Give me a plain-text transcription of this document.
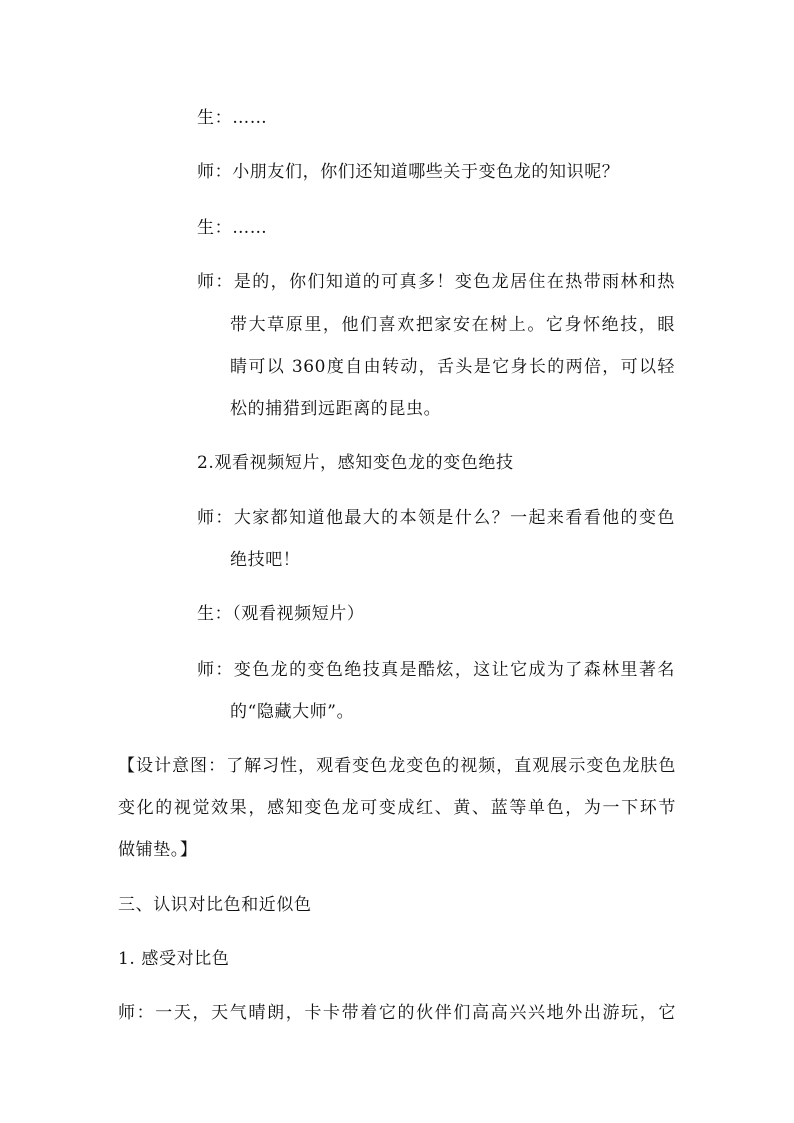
生：……
师：小朋友们，你们还知道哪些关于变色龙的知识呢？
生：……
师：是的，你们知道的可真多！变色龙居住在热带雨林和热
带大草原里，他们喜欢把家安在树上。它身怀绝技，眼
睛可以 360度自由转动，舌头是它身长的两倍，可以轻
松的捕猎到远距离的昆虫。
2.观看视频短片，感知变色龙的变色绝技
师：大家都知道他最大的本领是什么？一起来看看他的变色
绝技吧！
生：（观看视频短片）
师：变色龙的变色绝技真是酷炫，这让它成为了森林里著名
的“隐藏大师”。
【设计意图：了解习性，观看变色龙变色的视频，直观展示变色龙肤色
变化的视觉效果，感知变色龙可变成红、黄、蓝等单色，为一下环节
做铺垫。】
三、认识对比色和近似色
1. 感受对比色
师：一天，天气晴朗，卡卡带着它的伙伴们高高兴兴地外出游玩，它
